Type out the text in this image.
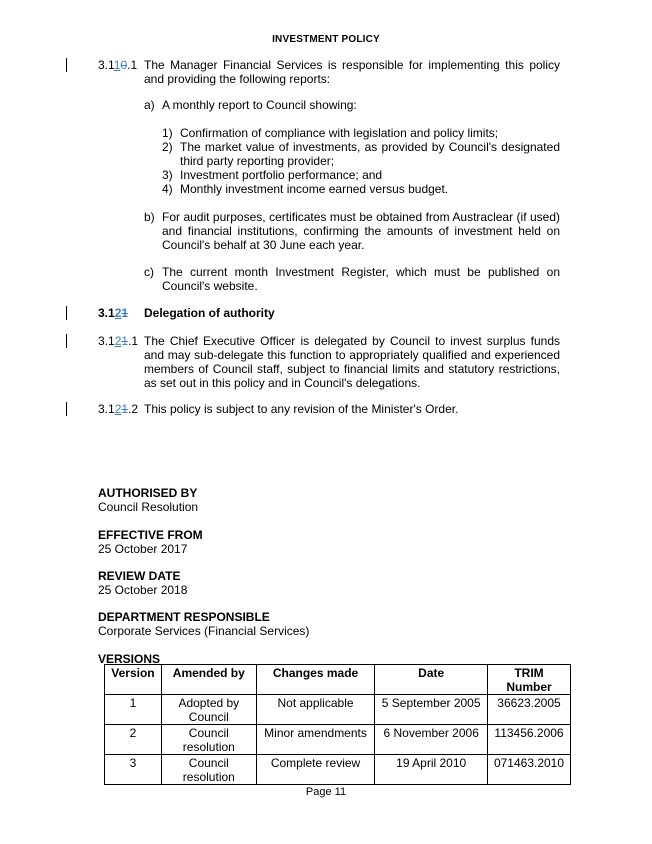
INVESTMENT POLICY
3.110.1 The Manager Financial Services is responsible for implementing this policy and providing the following reports:
a) A monthly report to Council showing:
1) Confirmation of compliance with legislation and policy limits;
2) The market value of investments, as provided by Council's designated third party reporting provider;
3) Investment portfolio performance; and
4) Monthly investment income earned versus budget.
b) For audit purposes, certificates must be obtained from Austraclear (if used) and financial institutions, confirming the amounts of investment held on Council's behalf at 30 June each year.
c) The current month Investment Register, which must be published on Council's website.
3.121 Delegation of authority
3.121.1 The Chief Executive Officer is delegated by Council to invest surplus funds and may sub-delegate this function to appropriately qualified and experienced members of Council staff, subject to financial limits and statutory restrictions, as set out in this policy and in Council's delegations.
3.121.2 This policy is subject to any revision of the Minister's Order.
AUTHORISED BY
Council Resolution
EFFECTIVE FROM
25 October 2017
REVIEW DATE
25 October 2018
DEPARTMENT RESPONSIBLE
Corporate Services (Financial Services)
VERSIONS
Version	Amended by	Changes made	Date	TRIM Number
1	Adopted by Council	Not applicable	5 September 2005	36623.2005
2	Council resolution	Minor amendments	6 November 2006	113456.2006
3	Council resolution	Complete review	19 April 2010	071463.2010
Page 11
